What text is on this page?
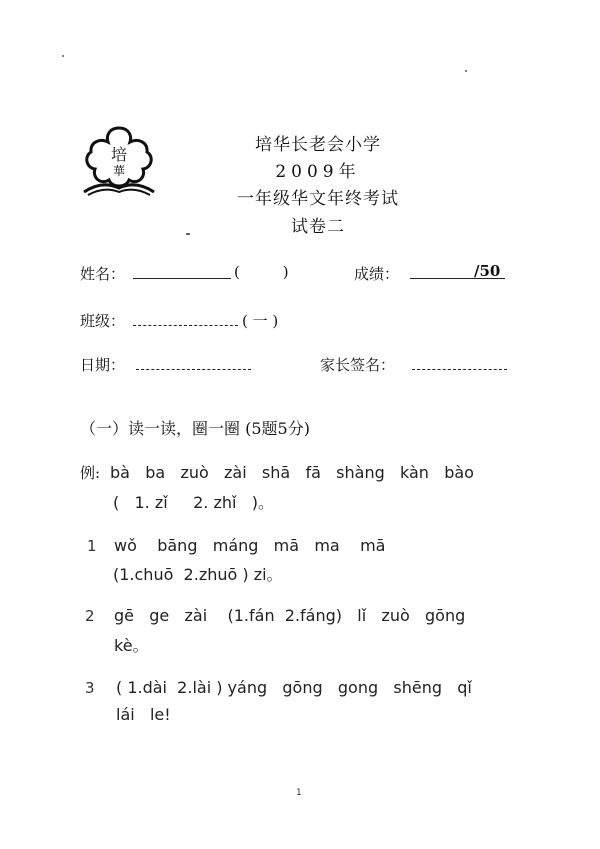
培
華
培华长老会小学
2009年
一年级华文年终考试
试卷二
姓名：	(         )	成绩：	/50
班级：	( 一 )
日期：	家长签名：
（一）读一读，圈一圈 (5题5分)
例: bà   ba   zuò   zài   shā   fā   shàng   kàn   bào
(   1. zǐ     2. zhǐ   )。
1 wǒ    bāng   máng   mā   ma    mā
(1.chuō  2.zhuō ) zi。
2 gē   ge   zài    (1.fán  2.fáng)   lǐ   zuò   gōng
kè。
3 ( 1.dài  2.lài ) yáng   gōng   gong   shēng   qǐ
lái   le!
1
